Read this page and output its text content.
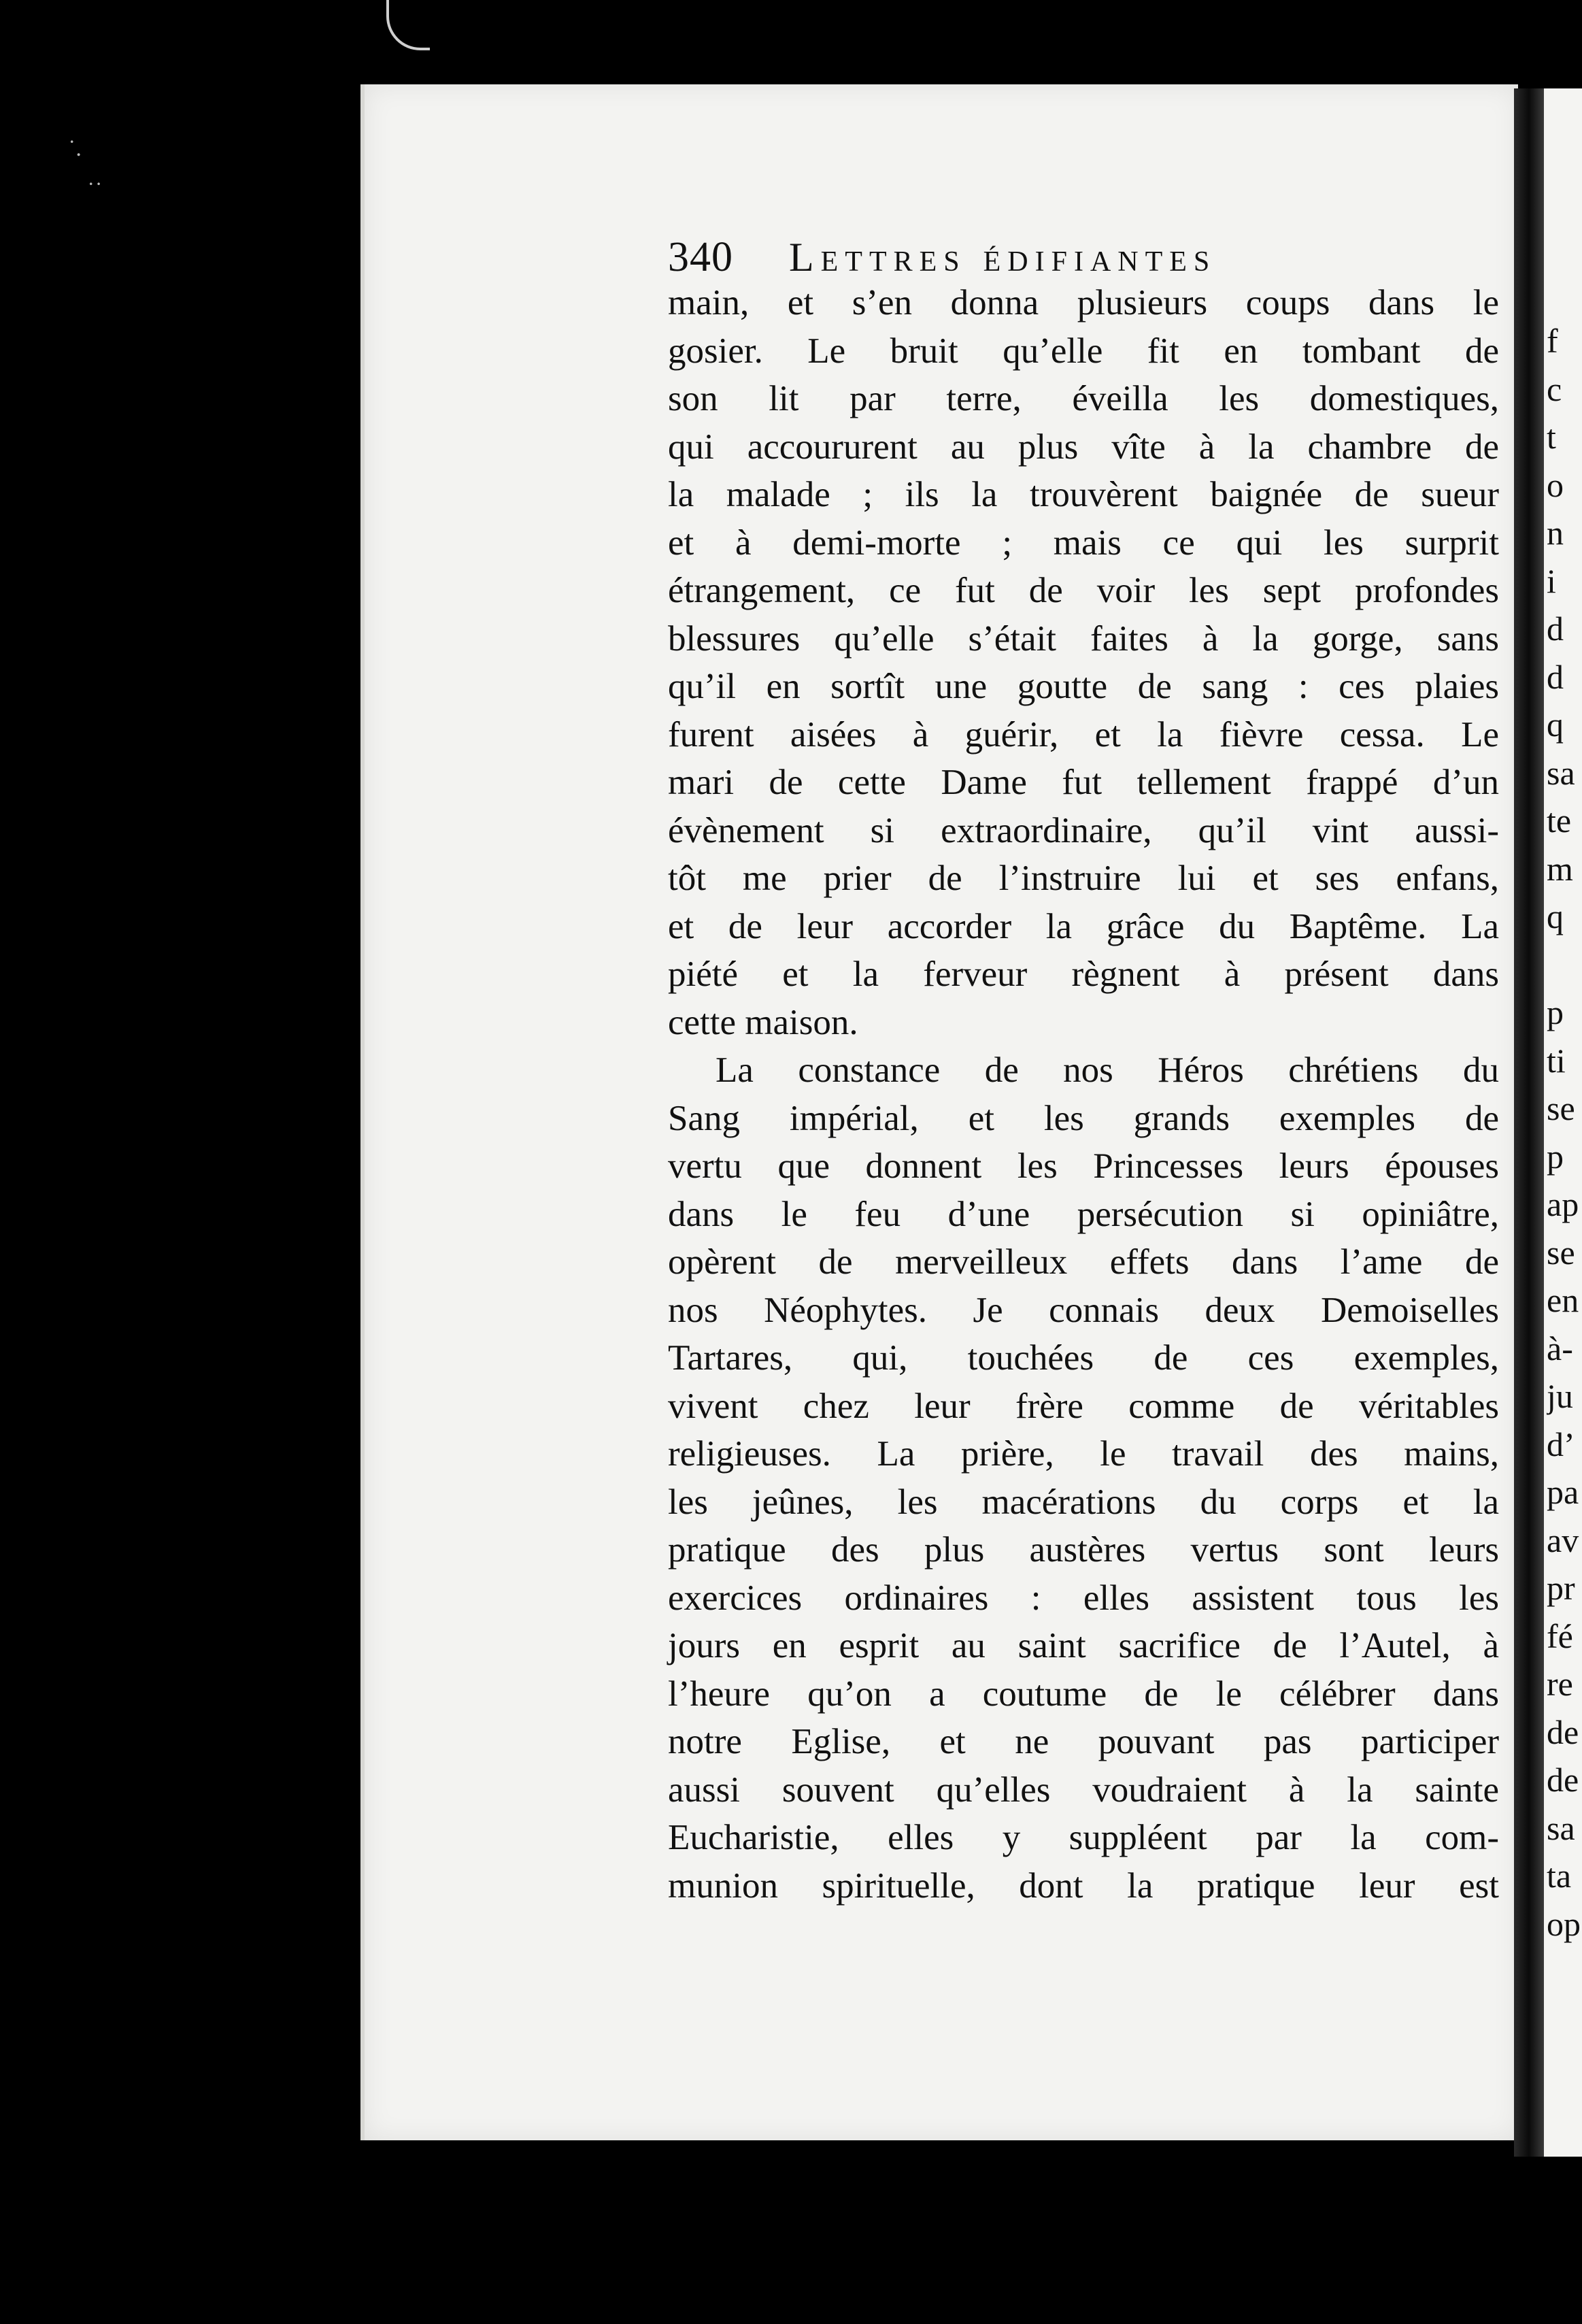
˙.
˙˙
340 Lettres édifiantes
main, et s’en donna plusieurs coups dans le
gosier. Le bruit qu’elle fit en tombant de
son lit par terre, éveilla les domestiques,
qui accoururent au plus vîte à la chambre de
la malade ; ils la trouvèrent baignée de sueur
et à demi-morte ; mais ce qui les surprit
étrangement, ce fut de voir les sept profondes
blessures qu’elle s’était faites à la gorge, sans
qu’il en sortît une goutte de sang : ces plaies
furent aisées à guérir, et la fièvre cessa. Le
mari de cette Dame fut tellement frappé d’un
évènement si extraordinaire, qu’il vint aussi-
tôt me prier de l’instruire lui et ses enfans,
et de leur accorder la grâce du Baptême. La
piété et la ferveur règnent à présent dans
cette maison.
La constance de nos Héros chrétiens du
Sang impérial, et les grands exemples de
vertu que donnent les Princesses leurs épouses
dans le feu d’une persécution si opiniâtre,
opèrent de merveilleux effets dans l’ame de
nos Néophytes. Je connais deux Demoiselles
Tartares, qui, touchées de ces exemples,
vivent chez leur frère comme de véritables
religieuses. La prière, le travail des mains,
les jeûnes, les macérations du corps et la
pratique des plus austères vertus sont leurs
exercices ordinaires : elles assistent tous les
jours en esprit au saint sacrifice de l’Autel, à
l’heure qu’on a coutume de le célébrer dans
notre Eglise, et ne pouvant pas participer
aussi souvent qu’elles voudraient à la sainte
Eucharistie, elles y suppléent par la com-
munion spirituelle, dont la pratique leur est
f
c
t
o
n
i
d
d
q
sa
te
m
q
p
ti
se
p
ap
se
en
à-
ju
d’
pa
av
pr
fé
re
de
de
sa
ta
op
